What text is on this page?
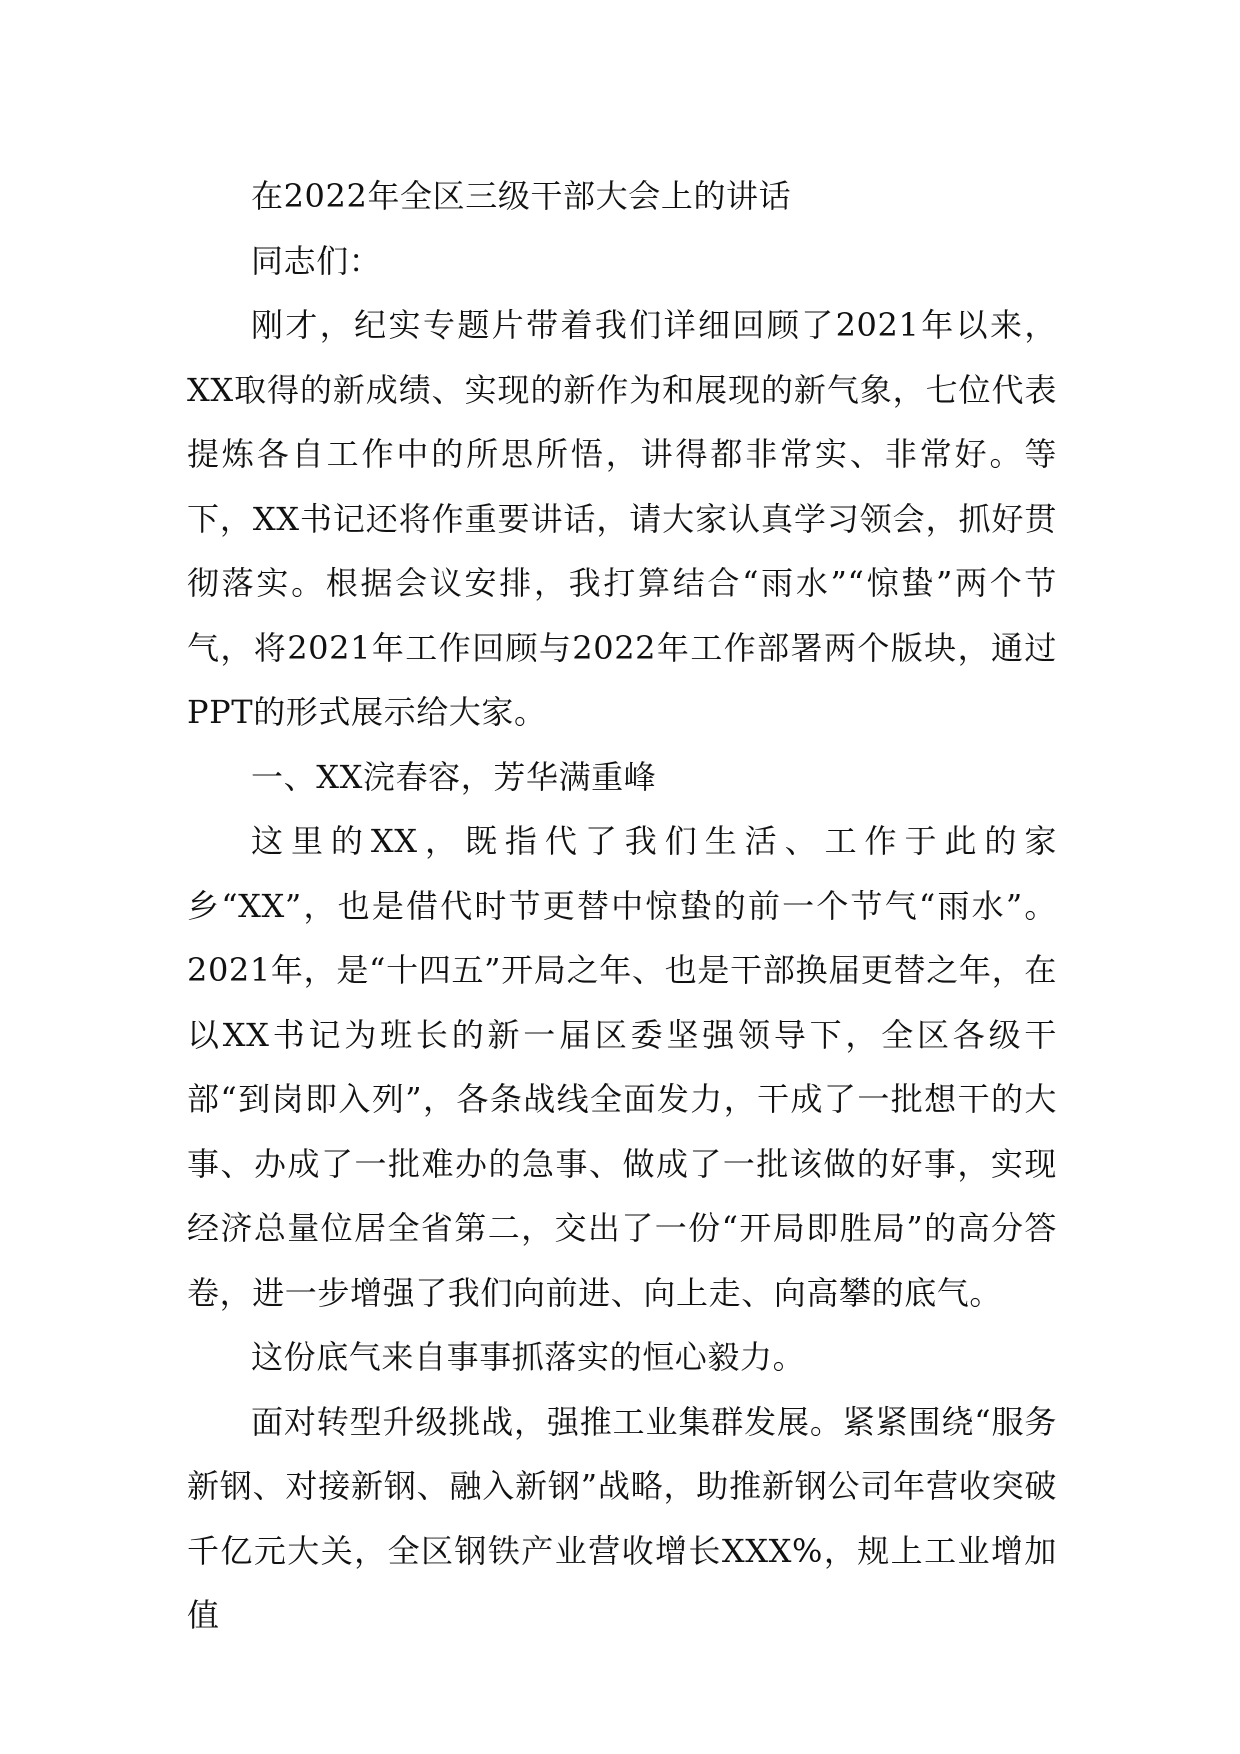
在2022年全区三级干部大会上的讲话

同志们：

刚才，纪实专题片带着我们详细回顾了2021年以来，XX取得的新成绩、实现的新作为和展现的新气象，七位代表提炼各自工作中的所思所悟，讲得都非常实、非常好。等下，XX书记还将作重要讲话，请大家认真学习领会，抓好贯彻落实。根据会议安排，我打算结合“雨水”“惊蛰”两个节气，将2021年工作回顾与2022年工作部署两个版块，通过PPT的形式展示给大家。

一、XX浣春容，芳华满重峰

这里的XX，既指代了我们生活、工作于此的家乡“XX”，也是借代时节更替中惊蛰的前一个节气“雨水”。2021年，是“十四五”开局之年、也是干部换届更替之年，在以XX书记为班长的新一届区委坚强领导下，全区各级干部“到岗即入列”，各条战线全面发力，干成了一批想干的大事、办成了一批难办的急事、做成了一批该做的好事，实现经济总量位居全省第二，交出了一份“开局即胜局”的高分答卷，进一步增强了我们向前进、向上走、向高攀的底气。

这份底气来自事事抓落实的恒心毅力。

面对转型升级挑战，强推工业集群发展。紧紧围绕“服务新钢、对接新钢、融入新钢”战略，助推新钢公司年营收突破千亿元大关，全区钢铁产业营收增长XXX%，规上工业增加值
